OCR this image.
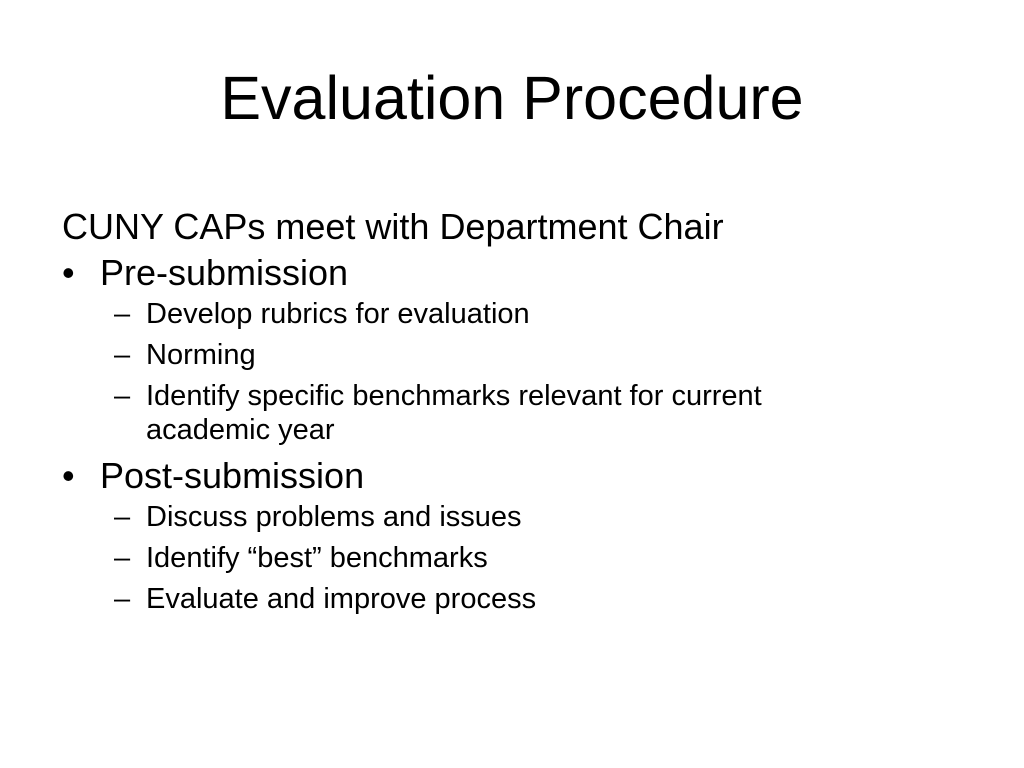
Evaluation Procedure

CUNY CAPs meet with Department Chair

• Pre-submission
– Develop rubrics for evaluation
– Norming
– Identify specific benchmarks relevant for current academic year
• Post-submission
– Discuss problems and issues
– Identify “best” benchmarks
– Evaluate and improve process
